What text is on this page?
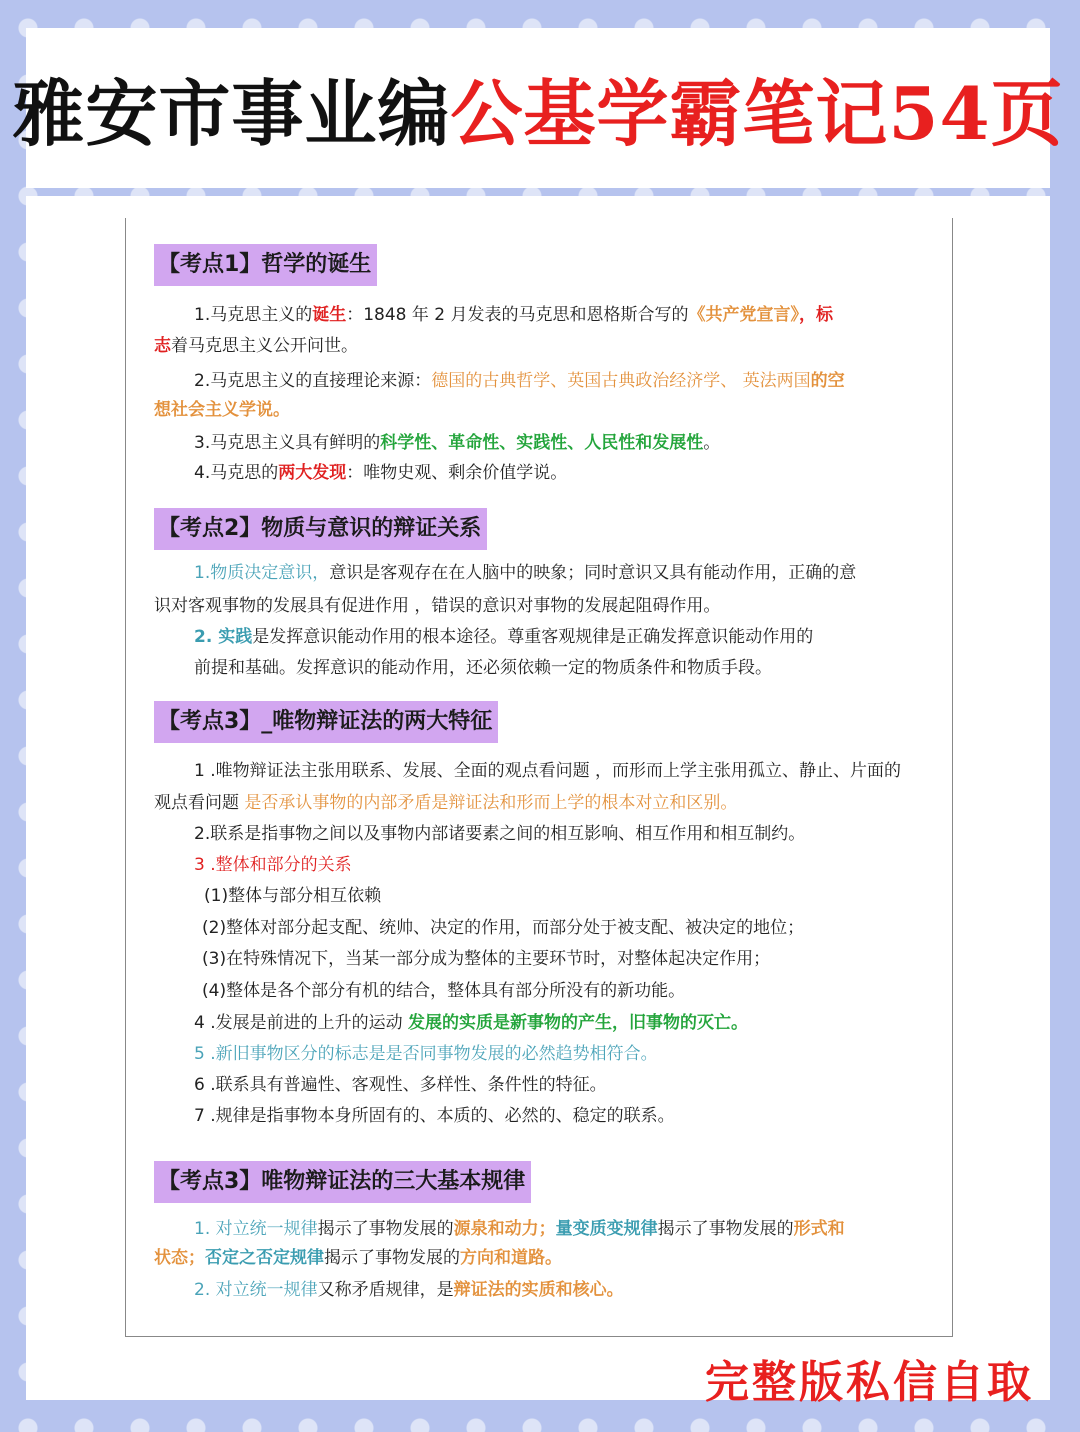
雅安市事业编 公基学霸笔记54页
【考点1】哲学的诞生
1.马克思主义的诞生：1848 年 2 月发表的马克思和恩格斯合写的《共产党宣言》，标
志着马克思主义公开问世。
2.马克思主义的直接理论来源：德国的古典哲学、英国古典政治经济学、 英法两国的空
想社会主义学说。
3.马克思主义具有鲜明的科学性、革命性、实践性、人民性和发展性。
4.马克思的两大发现：唯物史观、剩余价值学说。
【考点2】物质与意识的辩证关系
1.物质决定意识，意识是客观存在在人脑中的映象；同时意识又具有能动作用，正确的意
识对客观事物的发展具有促进作用 ，错误的意识对事物的发展起阻碍作用。
2. 实践是发挥意识能动作用的根本途径。尊重客观规律是正确发挥意识能动作用的
前提和基础。发挥意识的能动作用，还必须依赖一定的物质条件和物质手段。
【考点3】_唯物辩证法的两大特征
1 .唯物辩证法主张用联系、发展、全面的观点看问题 ，而形而上学主张用孤立、静止、片面的
观点看问题 是否承认事物的内部矛盾是辩证法和形而上学的根本对立和区别。
2.联系是指事物之间以及事物内部诸要素之间的相互影响、相互作用和相互制约。
3 .整体和部分的关系
(1)整体与部分相互依赖
(2)整体对部分起支配、统帅、决定的作用，而部分处于被支配、被决定的地位；
(3)在特殊情况下，当某一部分成为整体的主要环节时，对整体起决定作用；
(4)整体是各个部分有机的结合，整体具有部分所没有的新功能。
4 .发展是前进的上升的运动 发展的实质是新事物的产生，旧事物的灭亡。
5 .新旧事物区分的标志是是否同事物发展的必然趋势相符合。
6 .联系具有普遍性、客观性、多样性、条件性的特征。
7 .规律是指事物本身所固有的、本质的、必然的、稳定的联系。
【考点3】唯物辩证法的三大基本规律
1. 对立统一规律揭示了事物发展的源泉和动力；量变质变规律揭示了事物发展的形式和
状态；否定之否定规律揭示了事物发展的方向和道路。
2. 对立统一规律又称矛盾规律，是辩证法的实质和核心。
完整版私信自取
